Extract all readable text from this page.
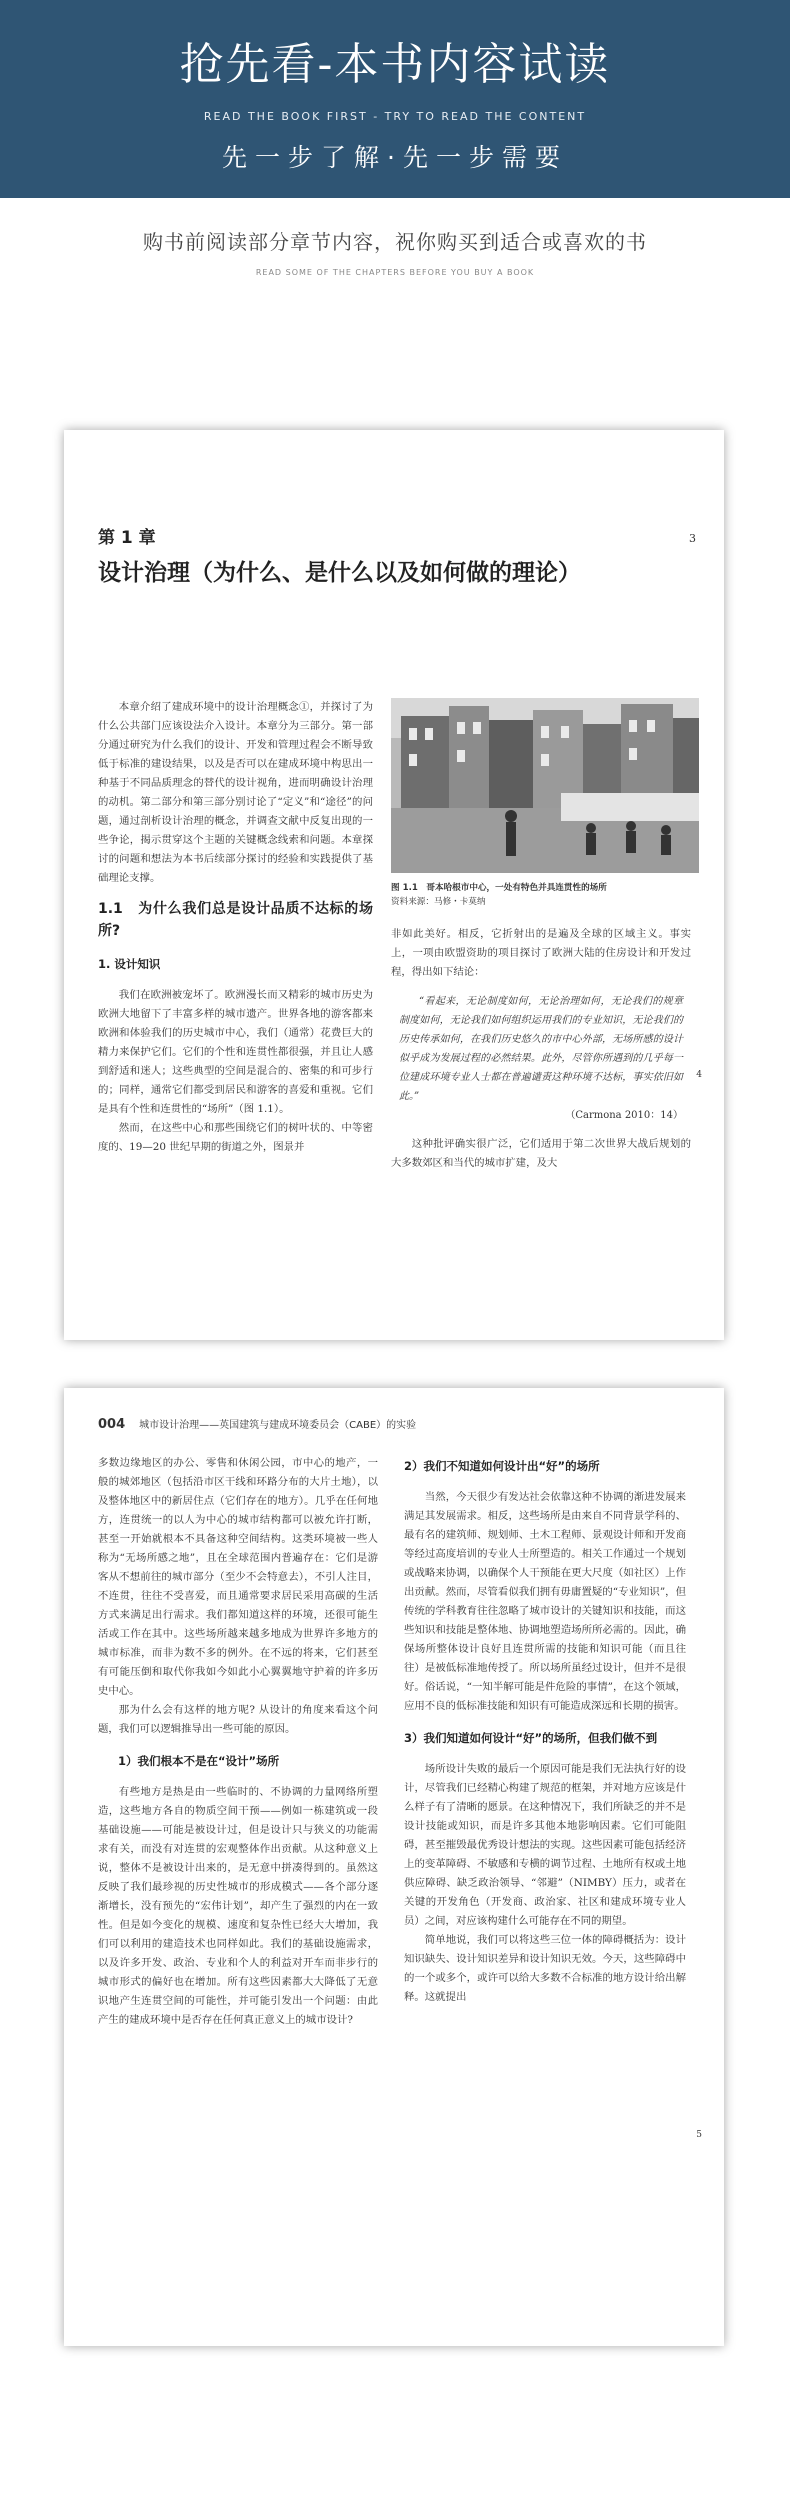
抢先看-本书内容试读
READ THE BOOK FIRST - TRY TO READ THE CONTENT
先一步了解·先一步需要
购书前阅读部分章节内容，祝你购买到适合或喜欢的书
READ SOME OF THE CHAPTERS BEFORE YOU BUY A BOOK
3
第 1 章
设计治理（为什么、是什么以及如何做的理论）

本章介绍了建成环境中的设计治理概念①，并探讨了为什么公共部门应该设法介入设计。本章分为三部分。第一部分通过研究为什么我们的设计、开发和管理过程会不断导致低于标准的建设结果，以及是否可以在建成环境中构思出一种基于不同品质理念的替代的设计视角，进而明确设计治理的动机。第二部分和第三部分别讨论了“定义”和“途径”的问题，通过剖析设计治理的概念，并调查文献中反复出现的一些争论，揭示贯穿这个主题的关键概念线索和问题。本章探讨的问题和想法为本书后续部分探讨的经验和实践提供了基础理论支撑。

1.1　为什么我们总是设计品质不达标的场所?
1. 设计知识

我们在欧洲被宠坏了。欧洲漫长而又精彩的城市历史为欧洲大地留下了丰富多样的城市遗产。世界各地的游客都来欧洲和体验我们的历史城市中心，我们（通常）花费巨大的精力来保护它们。它们的个性和连贯性都很强，并且让人感到舒适和迷人；这些典型的空间是混合的、密集的和可步行的；同样，通常它们都受到居民和游客的喜爱和重视。它们是具有个性和连贯性的“场所”（图 1.1）。

然而，在这些中心和那些围绕它们的树叶状的、中等密度的、19—20 世纪早期的街道之外，图景并

图 1.1　哥本哈根市中心，一处有特色并具连贯性的场所
资料来源：马修・卡莫纳

非如此美好。相反，它折射出的是遍及全球的区域主义。事实上，一项由欧盟资助的项目探讨了欧洲大陆的住房设计和开发过程，得出如下结论：

“看起来，无论制度如何，无论治理如何，无论我们的规章制度如何，无论我们如何组织运用我们的专业知识，无论我们的历史传承如何，在我们历史悠久的市中心外部，无场所感的设计似乎成为发展过程的必然结果。此外，尽管你所遇到的几乎每一位建成环境专业人士都在普遍谴责这种环境不达标，事实依旧如此。”
（Carmona 2010：14）

这种批评确实很广泛，它们适用于第二次世界大战后规划的大多数郊区和当代的城市扩建，及大

4
004 城市设计治理——英国建筑与建成环境委员会（CABE）的实验

多数边缘地区的办公、零售和休闲公园，市中心的地产，一般的城郊地区（包括沿市区干线和环路分布的大片土地），以及整体地区中的新居住点（它们存在的地方）。几乎在任何地方，连贯统一的以人为中心的城市结构都可以被允许打断，甚至一开始就根本不具备这种空间结构。这类环境被一些人称为“无场所感之地”，且在全球范围内普遍存在：它们是游客从不想前往的城市部分（至少不会特意去），不引人注目，不连贯，往往不受喜爱，而且通常要求居民采用高碳的生活方式来满足出行需求。我们都知道这样的环境，还很可能生活或工作在其中。这些场所越来越多地成为世界许多地方的城市标准，而非为数不多的例外。在不远的将来，它们甚至有可能压倒和取代你我如今如此小心翼翼地守护着的许多历史中心。

那为什么会有这样的地方呢? 从设计的角度来看这个问题，我们可以逻辑推导出一些可能的原因。

1）我们根本不是在“设计”场所

有些地方是热是由一些临时的、不协调的力量网络所塑造，这些地方各自的物质空间干预——例如一栋建筑或一段基础设施——可能是被设计过，但是设计只与狭义的功能需求有关，而没有对连贯的宏观整体作出贡献。从这种意义上说，整体不是被设计出来的，是无意中拼凑得到的。虽然这反映了我们最珍视的历史性城市的形成模式——各个部分逐渐增长，没有预先的“宏伟计划”，却产生了强烈的内在一致性。但是如今变化的规模、速度和复杂性已经大大增加，我们可以利用的建造技术也同样如此。我们的基础设施需求，以及许多开发、政治、专业和个人的利益对开车而非步行的城市形式的偏好也在增加。所有这些因素都大大降低了无意识地产生连贯空间的可能性，并可能引发出一个问题：由此产生的建成环境中是否存在任何真正意义上的城市设计?

2）我们不知道如何设计出“好”的场所

当然，今天很少有发达社会依靠这种不协调的渐进发展来满足其发展需求。相反，这些场所是由来自不同背景学科的、最有名的建筑师、规划师、土木工程师、景观设计师和开发商等经过高度培训的专业人士所塑造的。相关工作通过一个规划或战略来协调，以确保个人干预能在更大尺度（如社区）上作出贡献。然而，尽管看似我们拥有毋庸置疑的“专业知识”，但传统的学科教育往往忽略了城市设计的关键知识和技能，而这些知识和技能是整体地、协调地塑造场所所必需的。因此，确保场所整体设计良好且连贯所需的技能和知识可能（而且往往）是被低标准地传授了。所以场所虽经过设计，但并不是很好。俗话说，“一知半解可能是件危险的事情”，在这个领域，应用不良的低标准技能和知识有可能造成深远和长期的损害。

3）我们知道如何设计“好”的场所，但我们做不到

场所设计失败的最后一个原因可能是我们无法执行好的设计，尽管我们已经精心构建了规范的框架，并对地方应该是什么样子有了清晰的愿景。在这种情况下，我们所缺乏的并不是设计技能或知识，而是许多其他本地影响因素。它们可能阻碍，甚至摧毁最优秀设计想法的实现。这些因素可能包括经济上的变革障碍、不敏感和专横的调节过程、土地所有权或土地供应障碍、缺乏政治领导、“邻避”（NIMBY）压力，或者在关键的开发角色（开发商、政治家、社区和建成环境专业人员）之间，对应该构建什么可能存在不同的期望。

简单地说，我们可以将这些三位一体的障碍概括为：设计知识缺失、设计知识差异和设计知识无效。今天，这些障碍中的一个或多个，或许可以给大多数不合标准的地方设计给出解释。这就提出

5
